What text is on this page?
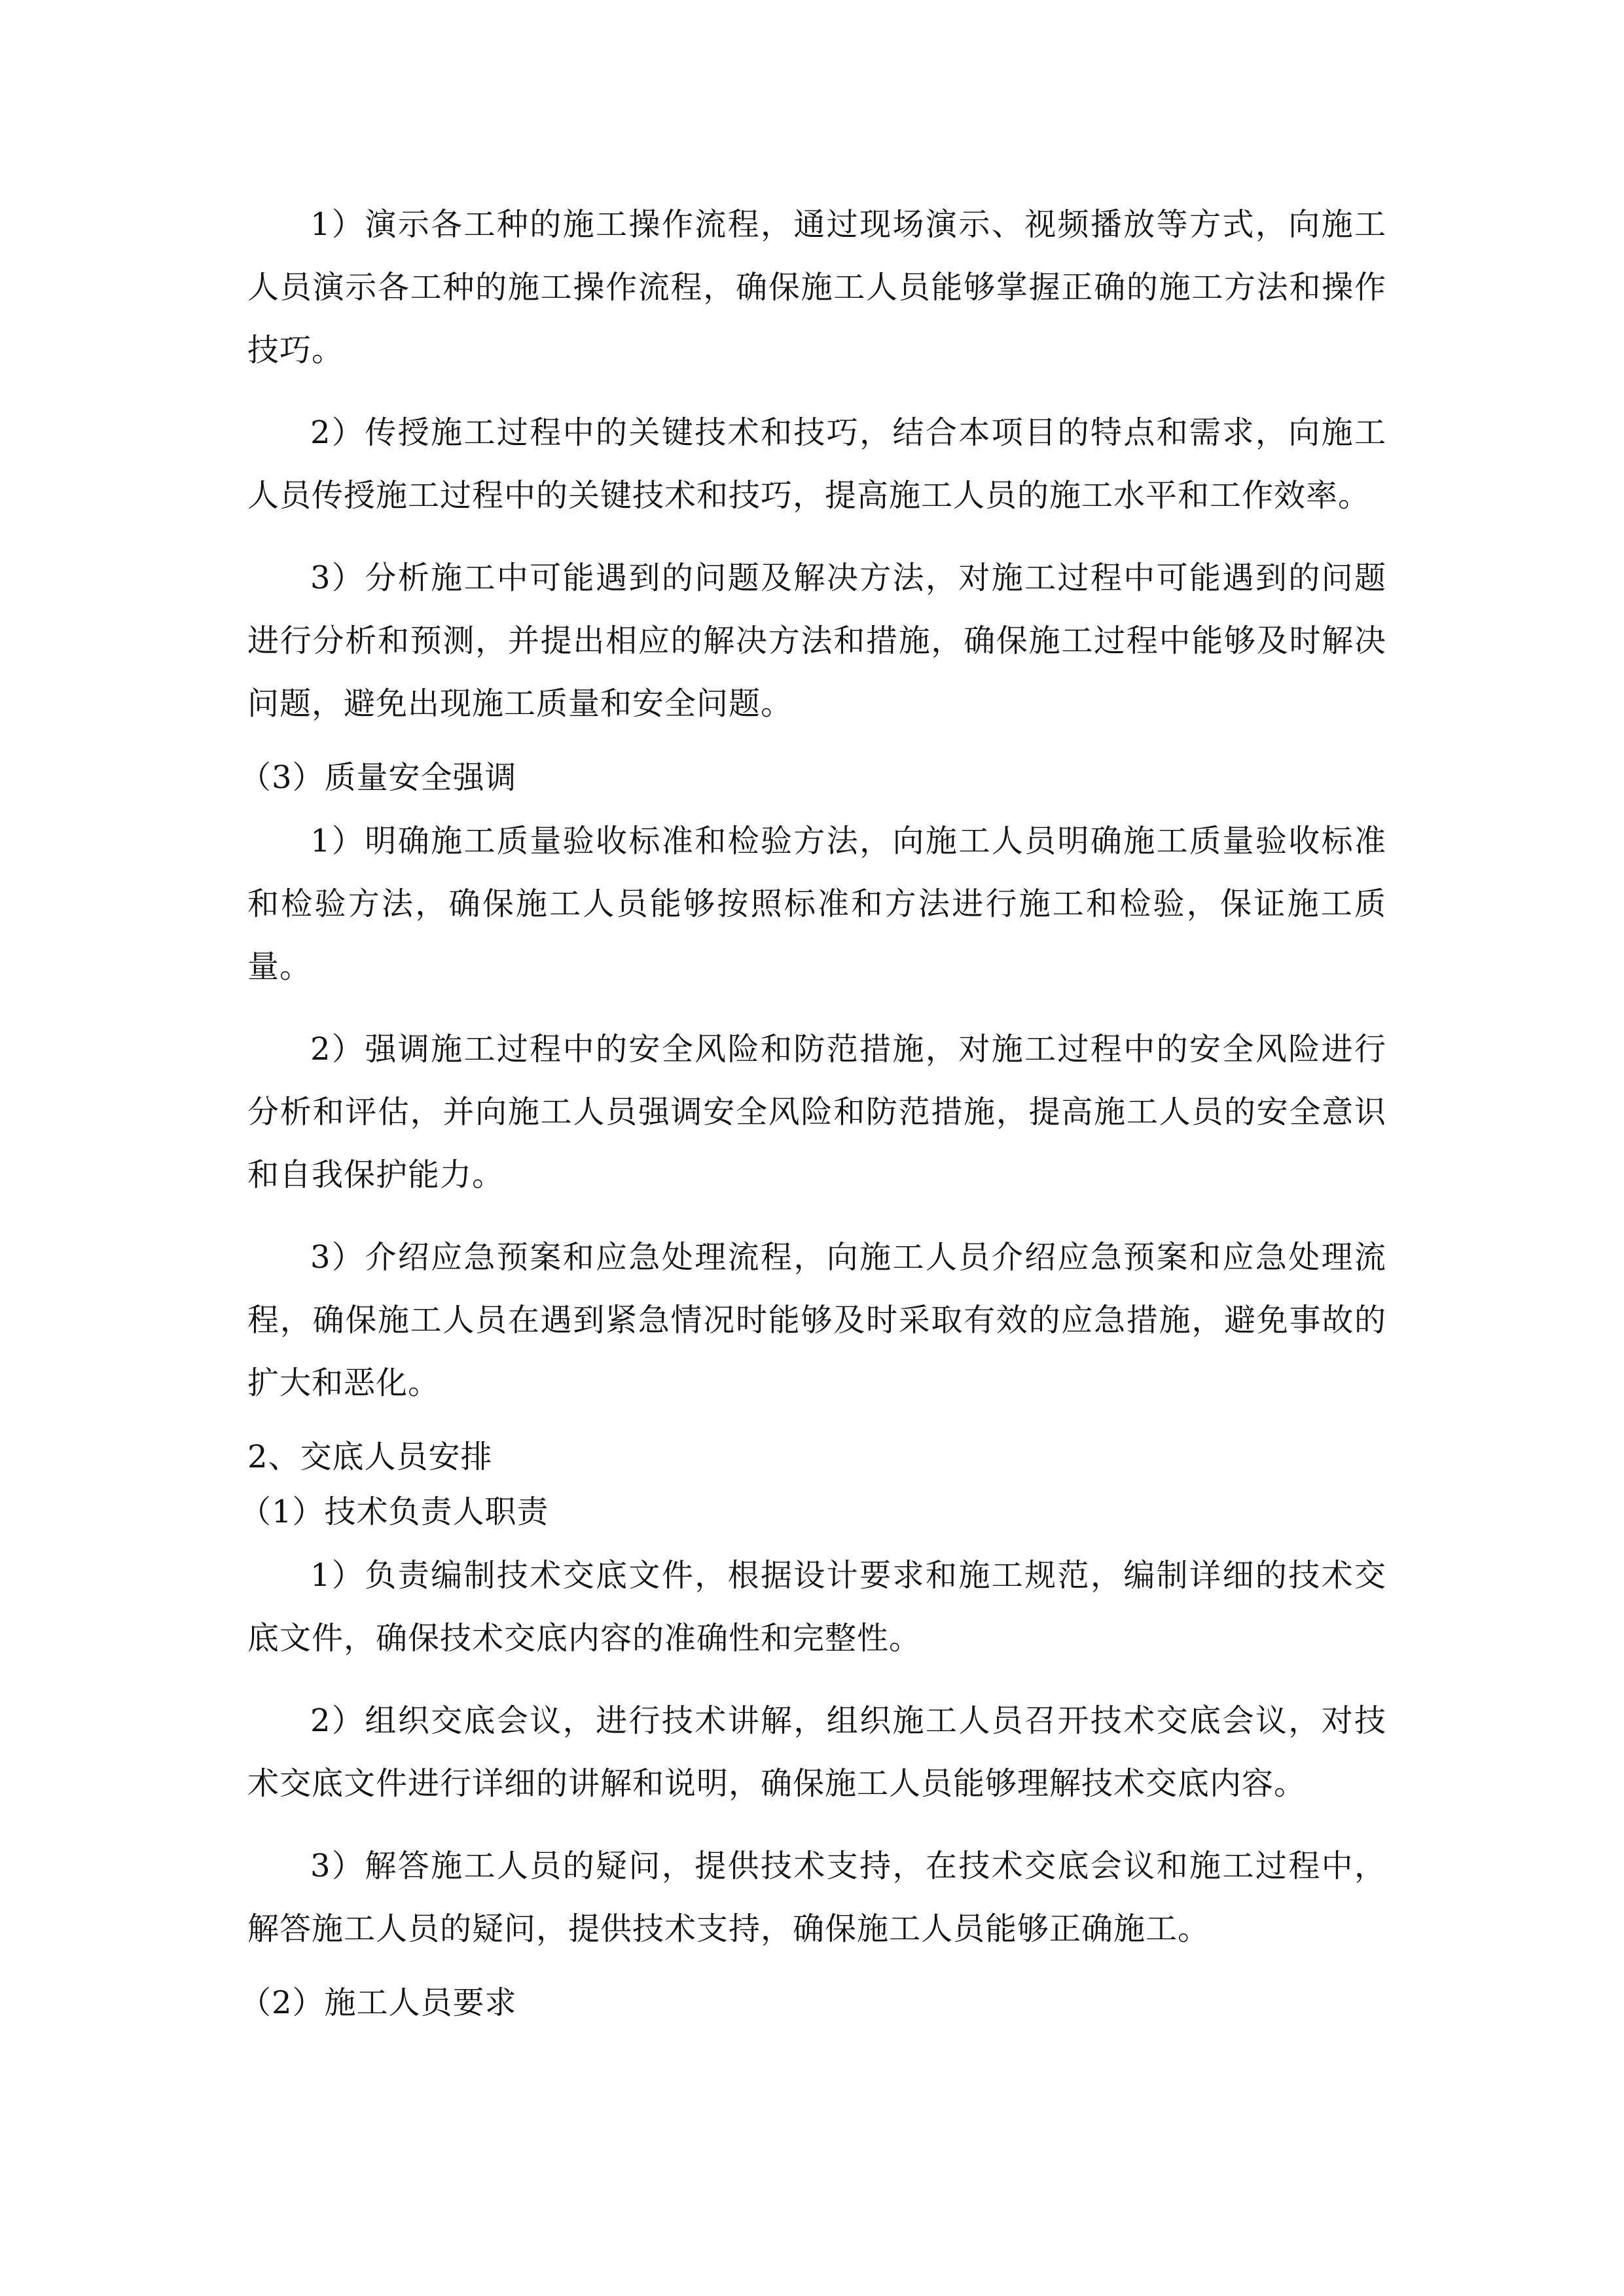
1）演示各工种的施工操作流程，通过现场演示、视频播放等方式，向施工人员演示各工种的施工操作流程，确保施工人员能够掌握正确的施工方法和操作技巧。

2）传授施工过程中的关键技术和技巧，结合本项目的特点和需求，向施工人员传授施工过程中的关键技术和技巧，提高施工人员的施工水平和工作效率。

3）分析施工中可能遇到的问题及解决方法，对施工过程中可能遇到的问题进行分析和预测，并提出相应的解决方法和措施，确保施工过程中能够及时解决问题，避免出现施工质量和安全问题。

（3）质量安全强调

1）明确施工质量验收标准和检验方法，向施工人员明确施工质量验收标准和检验方法，确保施工人员能够按照标准和方法进行施工和检验，保证施工质量。

2）强调施工过程中的安全风险和防范措施，对施工过程中的安全风险进行分析和评估，并向施工人员强调安全风险和防范措施，提高施工人员的安全意识和自我保护能力。

3）介绍应急预案和应急处理流程，向施工人员介绍应急预案和应急处理流程，确保施工人员在遇到紧急情况时能够及时采取有效的应急措施，避免事故的扩大和恶化。

2、交底人员安排
（1）技术负责人职责

1）负责编制技术交底文件，根据设计要求和施工规范，编制详细的技术交底文件，确保技术交底内容的准确性和完整性。

2）组织交底会议，进行技术讲解，组织施工人员召开技术交底会议，对技术交底文件进行详细的讲解和说明，确保施工人员能够理解技术交底内容。

3）解答施工人员的疑问，提供技术支持，在技术交底会议和施工过程中，解答施工人员的疑问，提供技术支持，确保施工人员能够正确施工。

（2）施工人员要求
